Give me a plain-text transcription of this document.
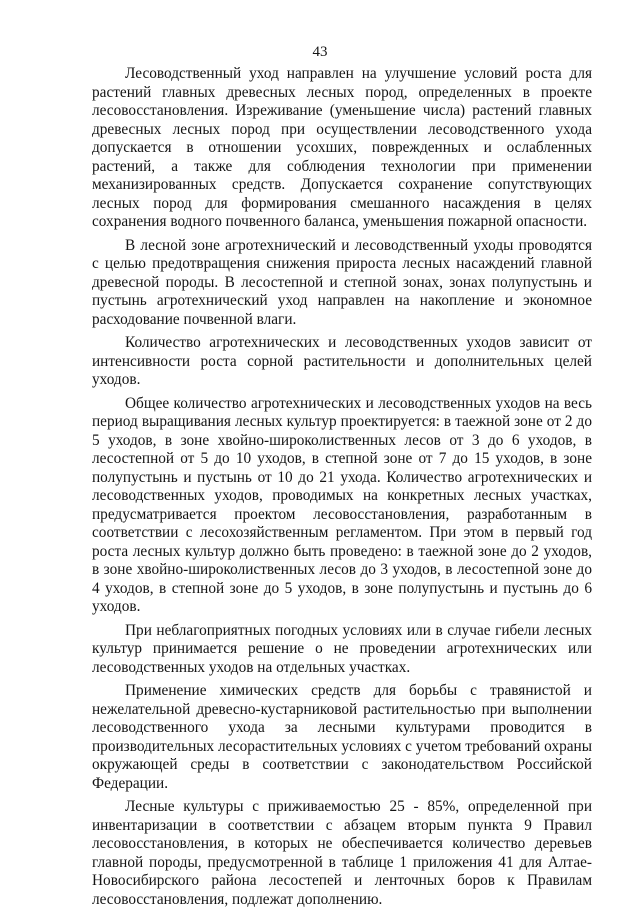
43

Лесоводственный уход направлен на улучшение условий роста для растений главных древесных лесных пород, определенных в проекте лесовосстановления. Изреживание (уменьшение числа) растений главных древесных лесных пород при осуществлении лесоводственного ухода допускается в отношении усохших, поврежденных и ослабленных растений, а также для соблюдения технологии при применении механизированных средств. Допускается сохранение сопутствующих лесных пород для формирования смешанного насаждения в целях сохранения водного почвенного баланса, уменьшения пожарной опасности.

В лесной зоне агротехнический и лесоводственный уходы проводятся с целью предотвращения снижения прироста лесных насаждений главной древесной породы. В лесостепной и степной зонах, зонах полупустынь и пустынь агротехнический уход направлен на накопление и экономное расходование почвенной влаги.

Количество агротехнических и лесоводственных уходов зависит от интенсивности роста сорной растительности и дополнительных целей уходов.

Общее количество агротехнических и лесоводственных уходов на весь период выращивания лесных культур проектируется: в таежной зоне от 2 до 5 уходов, в зоне хвойно-широколиственных лесов от 3 до 6 уходов, в лесостепной от 5 до 10 уходов, в степной зоне от 7 до 15 уходов, в зоне полупустынь и пустынь от 10 до 21 ухода. Количество агротехнических и лесоводственных уходов, проводимых на конкретных лесных участках, предусматривается проектом лесовосстановления, разработанным в соответствии с лесохозяйственным регламентом. При этом в первый год роста лесных культур должно быть проведено: в таежной зоне до 2 уходов, в зоне хвойно-широколиственных лесов до 3 уходов, в лесостепной зоне до 4 уходов, в степной зоне до 5 уходов, в зоне полупустынь и пустынь до 6 уходов.

При неблагоприятных погодных условиях или в случае гибели лесных культур принимается решение о не проведении агротехнических или лесоводственных уходов на отдельных участках.

Применение химических средств для борьбы с травянистой и нежелательной древесно-кустарниковой растительностью при выполнении лесоводственного ухода за лесными культурами проводится в производительных лесорастительных условиях с учетом требований охраны окружающей среды в соответствии с законодательством Российской Федерации.

Лесные культуры с приживаемостью 25 - 85%, определенной при инвентаризации в соответствии с абзацем вторым пункта 9 Правил лесовосстановления, в которых не обеспечивается количество деревьев главной породы, предусмотренной в таблице 1 приложения 41 для Алтае-Новосибирского района лесостепей и ленточных боров к Правилам лесовосстановления, подлежат дополнению.
